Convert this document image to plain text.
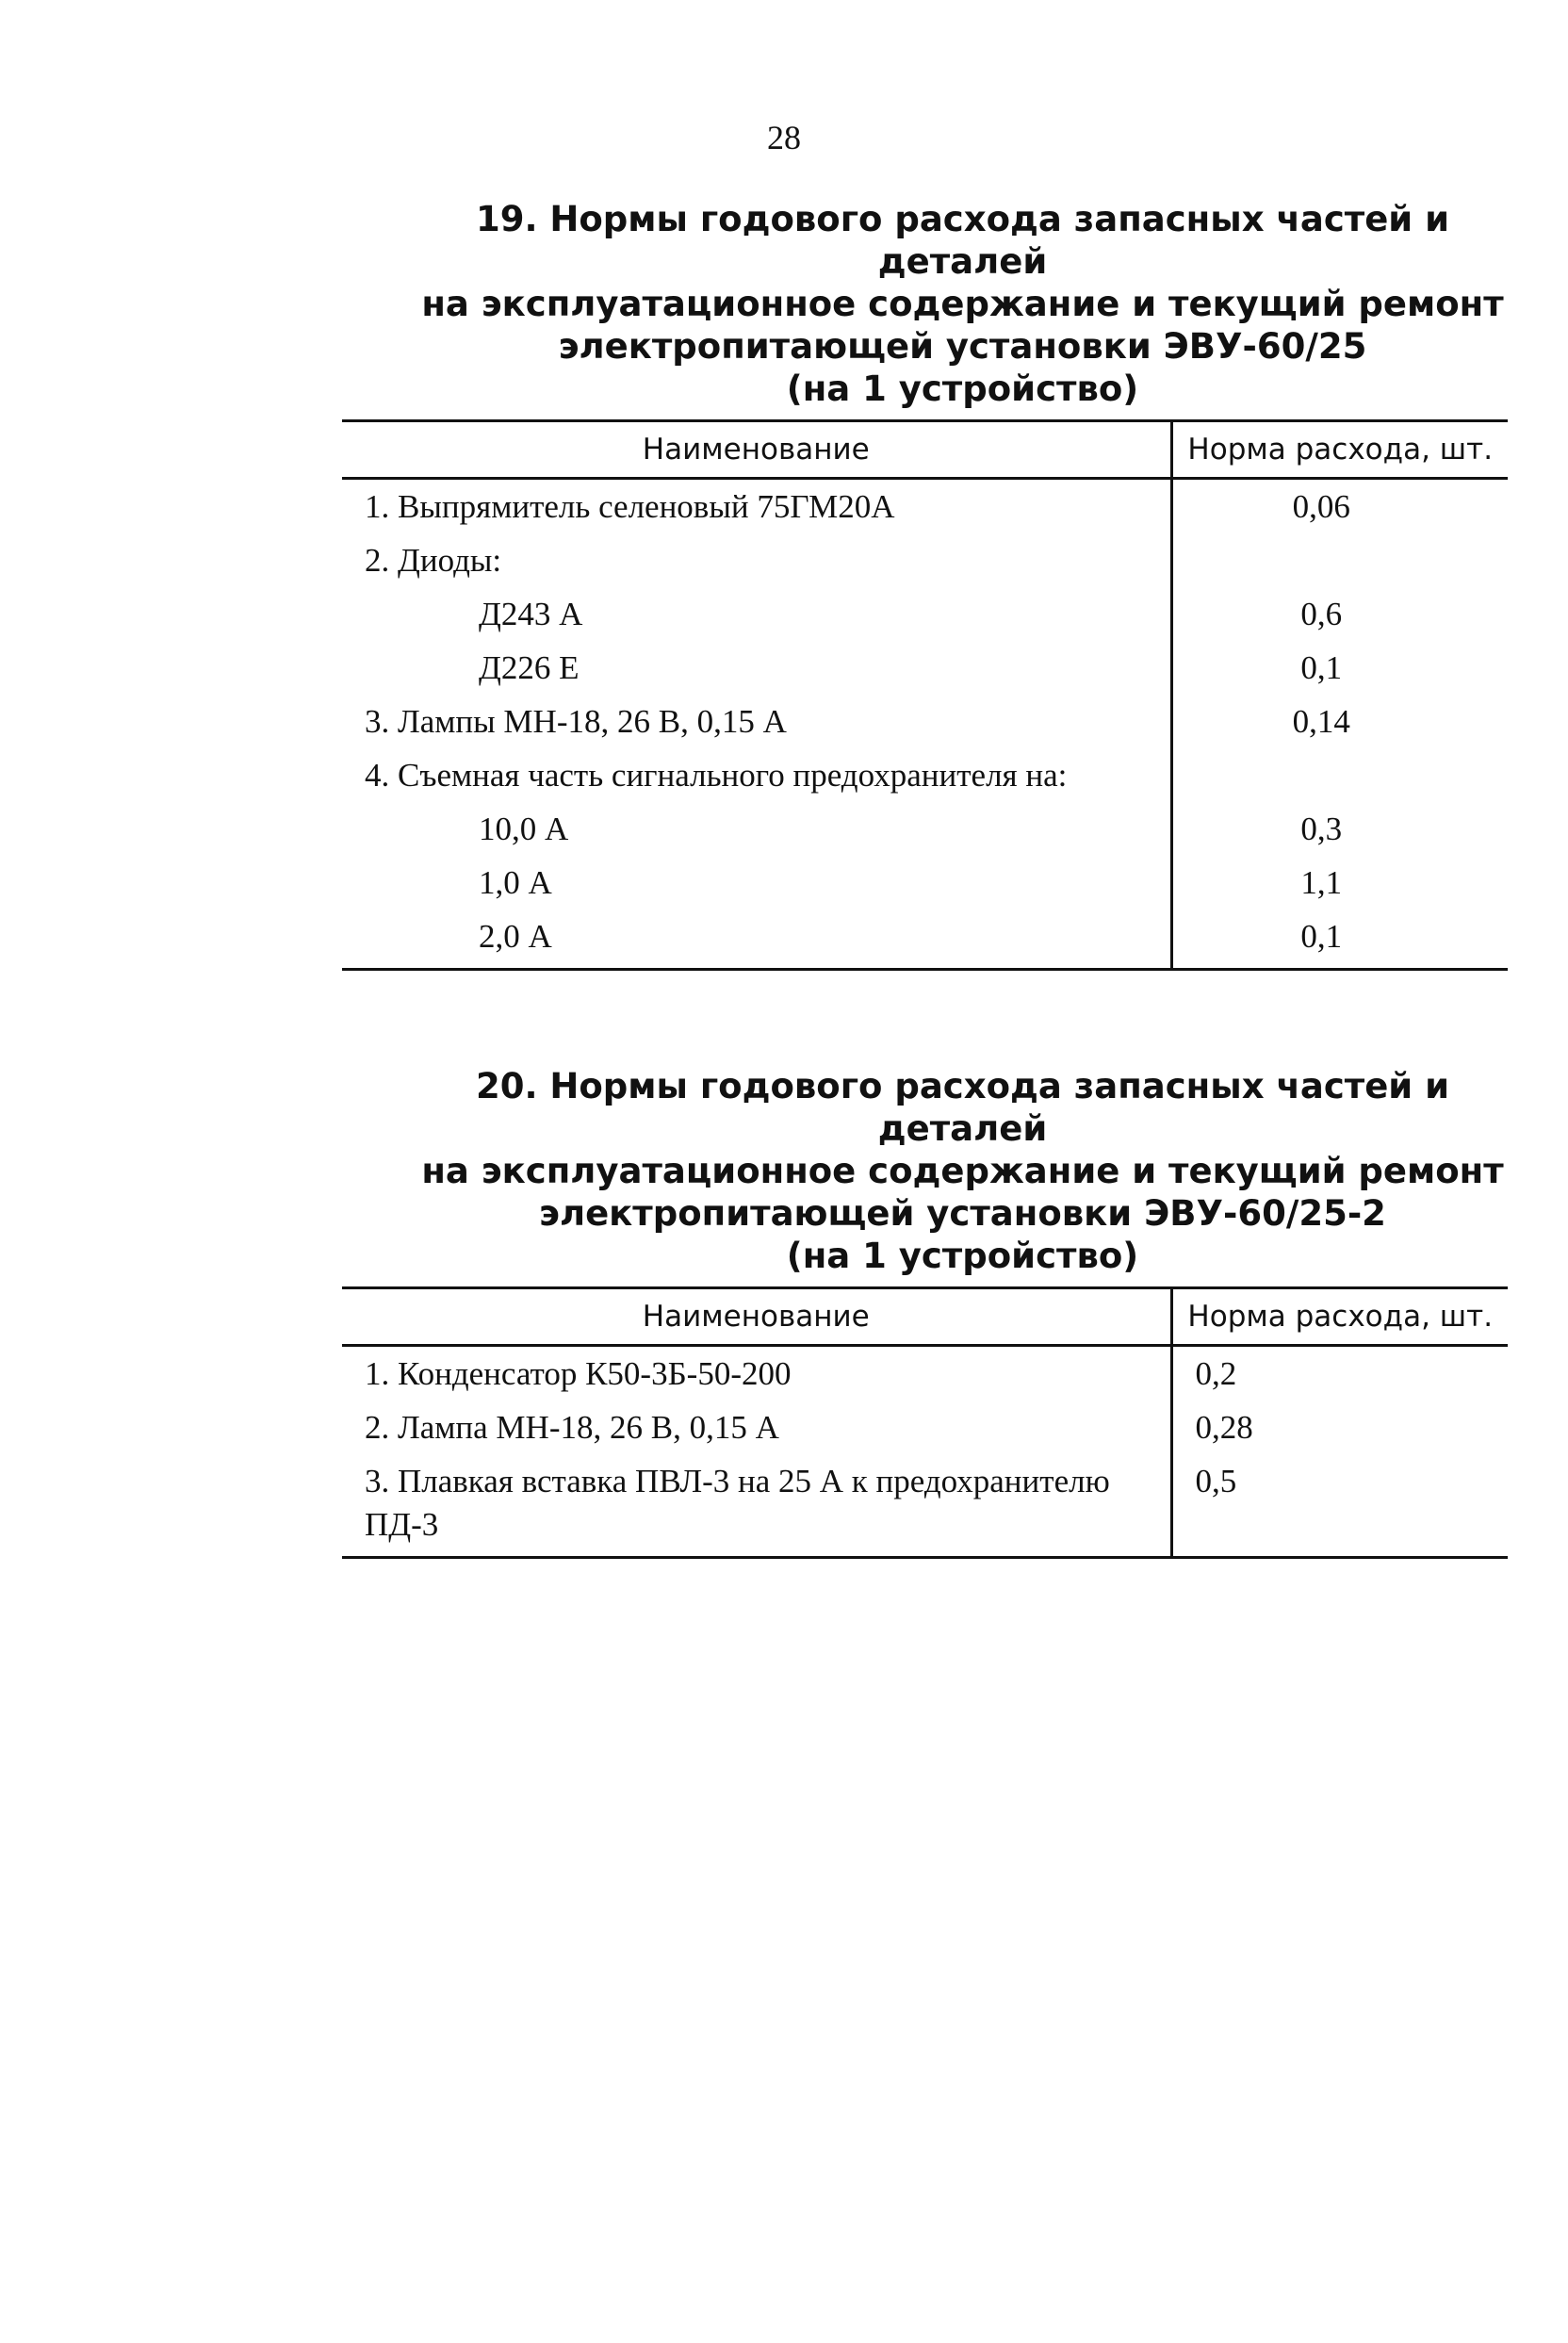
28
19. Нормы годового расхода запасных частей и деталей
на эксплуатационное содержание и текущий ремонт
электропитающей установки ЭВУ-60/25
(на 1 устройство)
Наименование	Норма расхода, шт.
1. Выпрямитель селеновый 75ГМ20А	0,06
2. Диоды:	
Д243 А	0,6
Д226 Е	0,1
3. Лампы МН-18, 26 В, 0,15 А	0,14
4. Съемная часть сигнального предохранителя на:	
10,0 А	0,3
1,0 А	1,1
2,0 А	0,1
20. Нормы годового расхода запасных частей и деталей
на эксплуатационное содержание и текущий ремонт
электропитающей установки ЭВУ-60/25-2
(на 1 устройство)
Наименование	Норма расхода, шт.
1. Конденсатор К50-3Б-50-200	0,2
2. Лампа МН-18, 26 В, 0,15 А	0,28
3. Плавкая вставка ПВЛ-3 на 25 А к предохранителю ПД-3	0,5
